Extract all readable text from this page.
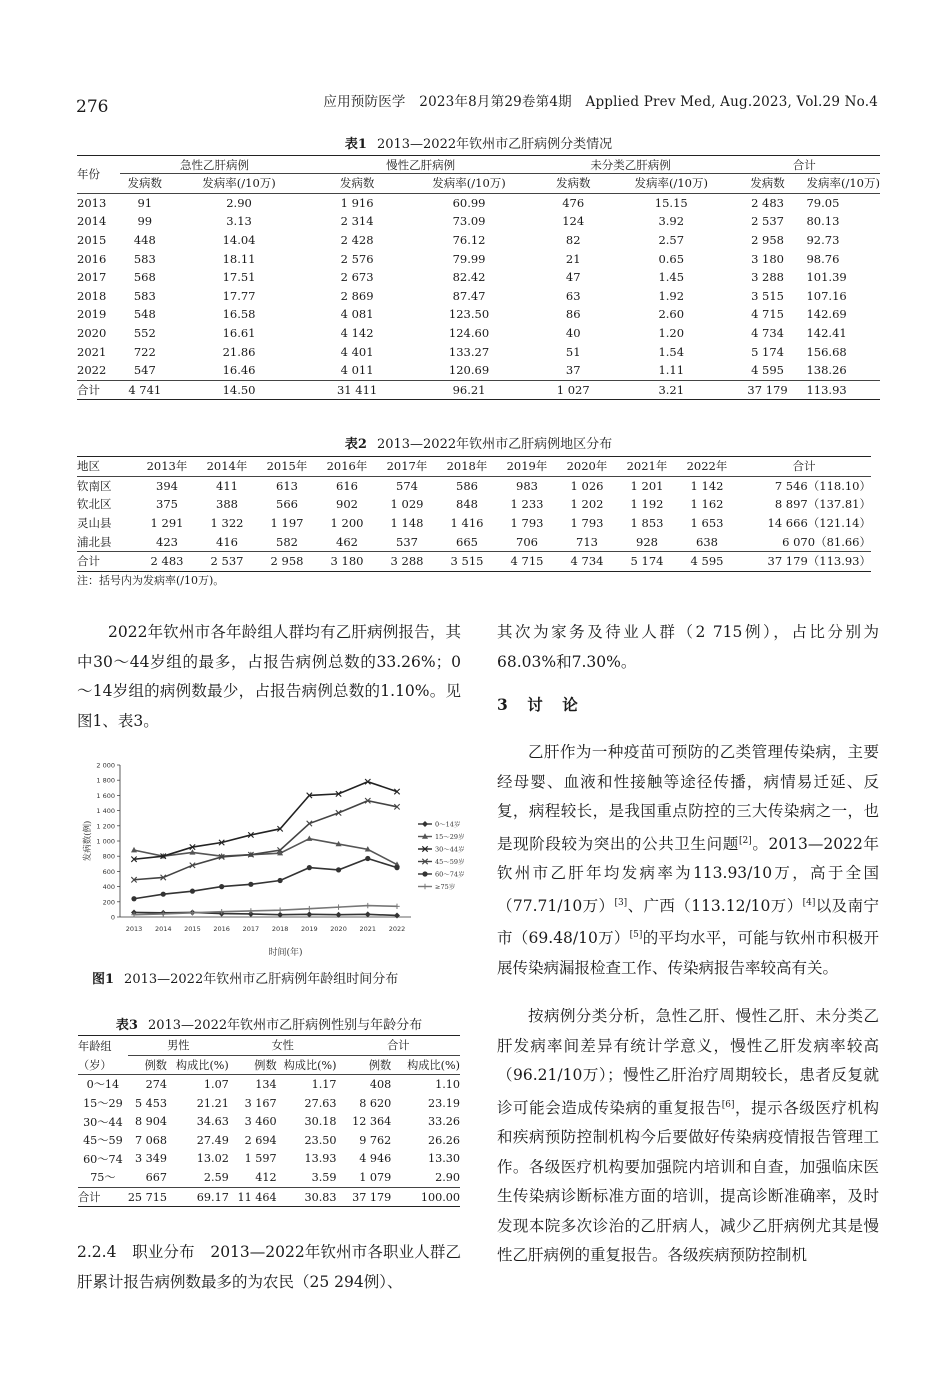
276	应用预防医学　2023年8月第29卷第4期　Applied Prev Med, Aug.2023, Vol.29 No.4
表1 2013—2022年钦州市乙肝病例分类情况
年份	急性乙肝病例		慢性乙肝病例		未分类乙肝病例		合计	
	发病数	发病率(/10万)	发病数	发病率(/10万)	发病数	发病率(/10万)	发病数	发病率(/10万)
2013	91	2.90	1 916	60.99	476	15.15	2 483	79.05
2014	99	3.13	2 314	73.09	124	3.92	2 537	80.13
2015	448	14.04	2 428	76.12	82	2.57	2 958	92.73
2016	583	18.11	2 576	79.99	21	0.65	3 180	98.76
2017	568	17.51	2 673	82.42	47	1.45	3 288	101.39
2018	583	17.77	2 869	87.47	63	1.92	3 515	107.16
2019	548	16.58	4 081	123.50	86	2.60	4 715	142.69
2020	552	16.61	4 142	124.60	40	1.20	4 734	142.41
2021	722	21.86	4 401	133.27	51	1.54	5 174	156.68
2022	547	16.46	4 011	120.69	37	1.11	4 595	138.26
合计	4 741	14.50	31 411	96.21	1 027	3.21	37 179	113.93
表2 2013—2022年钦州市乙肝病例地区分布
地区	2013年	2014年	2015年	2016年	2017年	2018年	2019年	2020年	2021年	2022年	合计
钦南区	394	411	613	616	574	586	983	1 026	1 201	1 142	7 546（118.10）
钦北区	375	388	566	902	1 029	848	1 233	1 202	1 192	1 162	8 897（137.81）
灵山县	1 291	1 322	1 197	1 200	1 148	1 416	1 793	1 793	1 853	1 653	14 666（121.14）
浦北县	423	416	582	462	537	665	706	713	928	638	6 070（81.66）
合计	2 483	2 537	2 958	3 180	3 288	3 515	4 715	4 734	5 174	4 595	37 179（113.93）
注：括号内为发病率(/10万)。
2022年钦州市各年龄组人群均有乙肝病例报告，其中30～44岁组的最多，占报告病例总数的33.26%；0～14岁组的病例数最少，占报告病例总数的1.10%。见图1、表3。
0
200
400
600
800
1 000
1 200
1 400
1 600
1 800
2 000
2013 2014 2015 2016 2017 2018 2019 2020 2021 2022
发病数(例)
时间(年)
0～14岁
15～29岁
30～44岁
45～59岁
60～74岁
≥75岁
图1 2013—2022年钦州市乙肝病例年龄组时间分布
表3 2013—2022年钦州市乙肝病例性别与年龄分布
年龄组	男性		女性		合计	
（岁）	例数	构成比(%)	例数	构成比(%)	例数	构成比(%)
0～14	274	1.07	134	1.17	408	1.10
15～29	5 453	21.21	3 167	27.63	8 620	23.19
30～44	8 904	34.63	3 460	30.18	12 364	33.26
45～59	7 068	27.49	2 694	23.50	9 762	26.26
60～74	3 349	13.02	1 597	13.93	4 946	13.30
75～	667	2.59	412	3.59	1 079	2.90
合计	25 715	69.17	11 464	30.83	37 179	100.00
2.2.4　职业分布　2013—2022年钦州市各职业人群乙肝累计报告病例数最多的为农民（25 294例）、
其次为家务及待业人群（2 715例），占比分别为68.03%和7.30%。
3　讨　论
乙肝作为一种疫苗可预防的乙类管理传染病，主要经母婴、血液和性接触等途径传播，病情易迁延、反复，病程较长，是我国重点防控的三大传染病之一，也是现阶段较为突出的公共卫生问题[2]。2013—2022年钦州市乙肝年均发病率为113.93/10万，高于全国（77.71/10万）[3]、广西（113.12/10万）[4]以及南宁市（69.48/10万）[5]的平均水平，可能与钦州市积极开展传染病漏报检查工作、传染病报告率较高有关。
按病例分类分析，急性乙肝、慢性乙肝、未分类乙肝发病率间差异有统计学意义，慢性乙肝发病率较高（96.21/10万）；慢性乙肝治疗周期较长，患者反复就诊可能会造成传染病的重复报告[6]，提示各级医疗机构和疾病预防控制机构今后要做好传染病疫情报告管理工作。各级医疗机构要加强院内培训和自查，加强临床医生传染病诊断标准方面的培训，提高诊断准确率，及时发现本院多次诊治的乙肝病人，减少乙肝病例尤其是慢性乙肝病例的重复报告。各级疾病预防控制机
